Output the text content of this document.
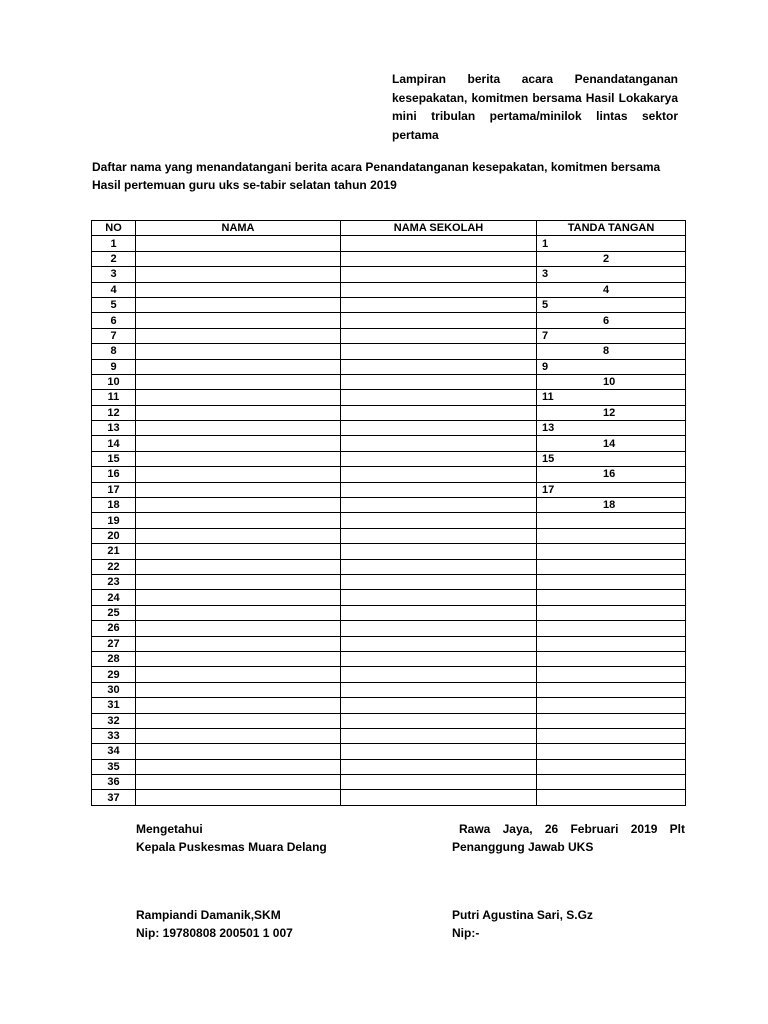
Lampiran berita acara Penandatanganan kesepakatan, komitmen bersama Hasil Lokakarya mini tribulan pertama/minilok lintas sektor pertama
Daftar nama yang menandatangani berita acara Penandatanganan kesepakatan, komitmen bersama Hasil pertemuan guru uks se-tabir selatan tahun 2019
NO	NAMA	NAMA SEKOLAH	TANDA TANGAN
1			1
2			2
3			3
4			4
5			5
6			6
7			7
8			8
9			9
10			10
11			11
12			12
13			13
14			14
15			15
16			16
17			17
18			18
19			
20			
21			
22			
23			
24			
25			
26			
27			
28			
29			
30			
31			
32			
33			
34			
35			
36			
37			
Mengetahui
Kepala Puskesmas Muara Delang
Rampiandi Damanik,SKM
Nip: 19780808 200501 1 007
Rawa Jaya, 26 Februari 2019 Plt
Penanggung Jawab UKS
Putri Agustina Sari, S.Gz
Nip:-
